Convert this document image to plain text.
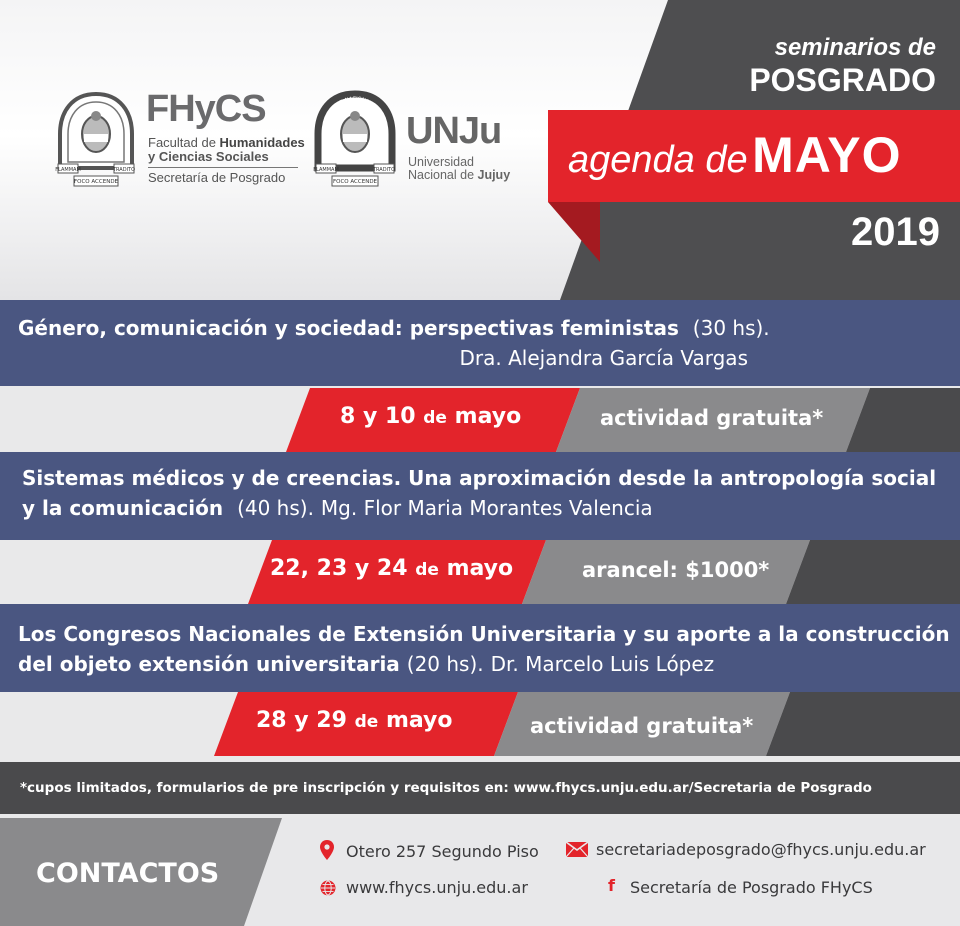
FLAMMAM	TRADITO
FOCO ACCENDE
FHyCS
Facultad de Humanidades
y Ciencias Sociales
Secretaría de Posgrado
UNIVERSIDAD NACIONAL DE JUJUY
FLAMMAM	TRADITO
FOCO ACCENDE
UNJu
Universidad
Nacional de Jujuy
seminarios de
POSGRADO
agenda de MAYO
2019
Género, comunicación y sociedad: perspectivas feministas (30 hs).
Dra. Alejandra García Vargas
8 y 10 de mayo	actividad gratuita*
Sistemas médicos y de creencias. Una aproximación desde la antropología social
y la comunicación (40 hs). Mg. Flor Maria Morantes Valencia
22, 23 y 24 de mayo	arancel: $1000*
Los Congresos Nacionales de Extensión Universitaria y su aporte a la construcción
del objeto extensión universitaria (20 hs). Dr. Marcelo Luis López
28 y 29 de mayo	actividad gratuita*
*cupos limitados, formularios de pre inscripción y requisitos en: www.fhycs.unju.edu.ar/Secretaria de Posgrado
CONTACTOS
Otero 257 Segundo Piso	secretariadeposgrado@fhycs.unju.edu.ar
www.fhycs.unju.edu.ar	f Secretaría de Posgrado FHyCS
